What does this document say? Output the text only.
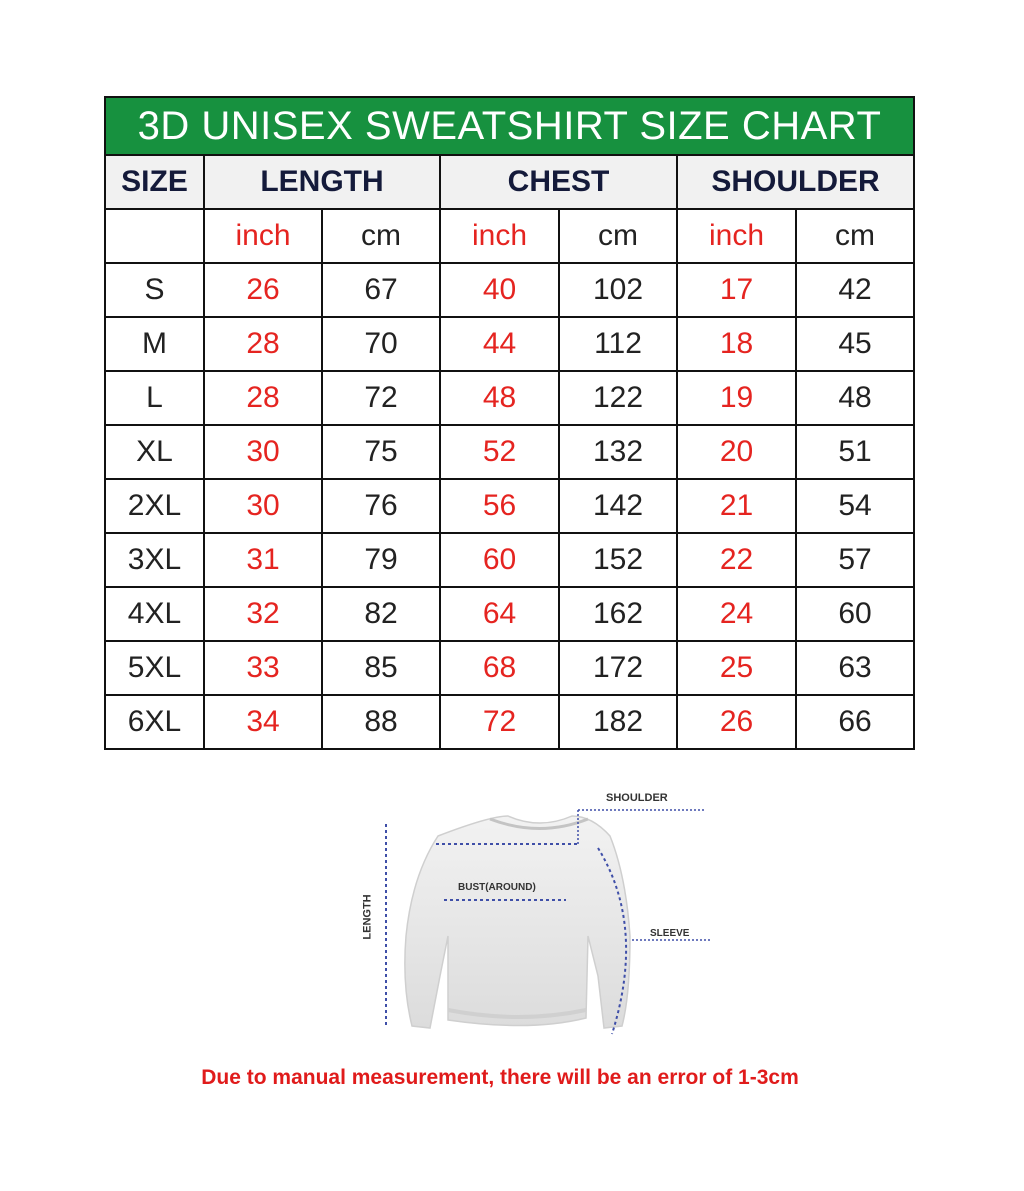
3D UNISEX SWEATSHIRT SIZE CHART						
SIZE	LENGTH		CHEST		SHOULDER	
	inch	cm	inch	cm	inch	cm
S	26	67	40	102	17	42
M	28	70	44	112	18	45
L	28	72	48	122	19	48
XL	30	75	52	132	20	51
2XL	30	76	56	142	21	54
3XL	31	79	60	152	22	57
4XL	32	82	64	162	24	60
5XL	33	85	68	172	25	63
6XL	34	88	72	182	26	66
SHOULDER
BUST(AROUND)
SLEEVE
LENGTH
Due to manual measurement, there will be an error of 1-3cm
